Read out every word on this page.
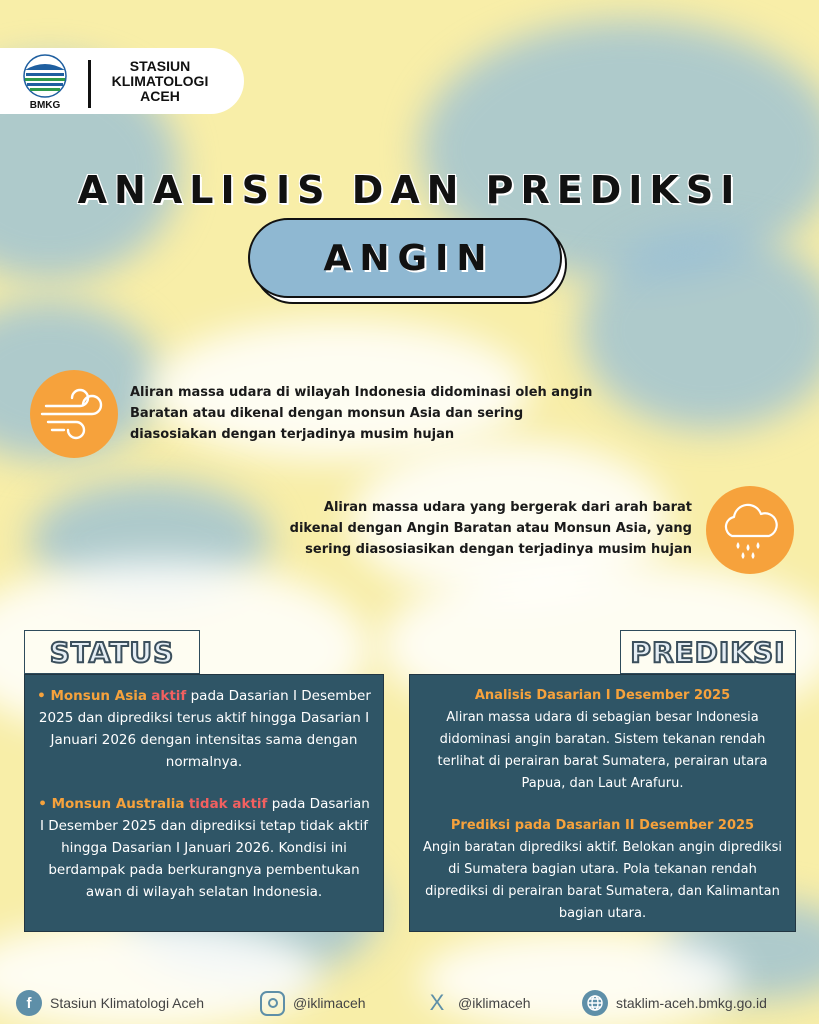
BMKG
STASIUN
KLIMATOLOGI
ACEH
ANALISIS DAN PREDIKSI
ANGIN
Aliran massa udara di wilayah Indonesia didominasi oleh angin Baratan atau dikenal dengan monsun Asia dan sering diasosiakan dengan terjadinya musim hujan
Aliran massa udara yang bergerak dari arah barat
dikenal dengan Angin Baratan atau Monsun Asia, yang
sering diasosiasikan dengan terjadinya musim hujan
STATUS
• Monsun Asia aktif pada Dasarian I Desember 2025 dan diprediksi terus aktif hingga Dasarian I Januari 2026 dengan intensitas sama dengan normalnya.
• Monsun Australia tidak aktif pada Dasarian I Desember 2025 dan diprediksi tetap tidak aktif hingga Dasarian I Januari 2026. Kondisi ini berdampak pada berkurangnya pembentukan awan di wilayah selatan Indonesia.
PREDIKSI
Analisis Dasarian I Desember 2025
Aliran massa udara di sebagian besar Indonesia didominasi angin baratan. Sistem tekanan rendah terlihat di perairan barat Sumatera, perairan utara Papua, dan Laut Arafuru.
Prediksi pada Dasarian II Desember 2025
Angin baratan diprediksi aktif. Belokan angin diprediksi di Sumatera bagian utara. Pola tekanan rendah diprediksi di perairan barat Sumatera, dan Kalimantan bagian utara.
f	Stasiun Klimatologi Aceh	@iklimaceh	X @iklimaceh	staklim-aceh.bmkg.go.id
